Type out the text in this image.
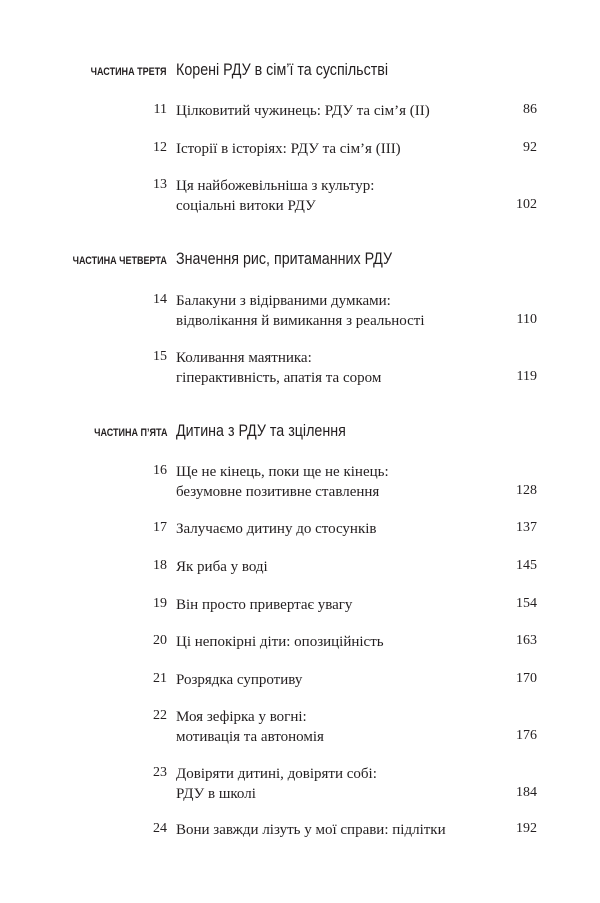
ЧАСТИНА ТРЕТЯ Корені РДУ в сім’ї та суспільстві
11 Цілковитий чужинець: РДУ та сім’я (II)	86
12 Історії в історіях: РДУ та сім’я (III)	92
13 Ця найбожевільніша з культур:
соціальні витоки РДУ	102
ЧАСТИНА ЧЕТВЕРТА Значення рис, притаманних РДУ
14 Балакуни з відірваними думками:
відволікання й вимикання з реальності	110
15 Коливання маятника:
гіперактивність, апатія та сором	119
ЧАСТИНА П’ЯТА Дитина з РДУ та зцілення
16 Ще не кінець, поки ще не кінець:
безумовне позитивне ставлення	128
17 Залучаємо дитину до стосунків	137
18 Як риба у воді	145
19 Він просто привертає увагу	154
20 Ці непокірні діти: опозиційність	163
21 Розрядка супротиву	170
22 Моя зефірка у вогні:
мотивація та автономія	176
23 Довіряти дитині, довіряти собі:
РДУ в школі	184
24 Вони завжди лізуть у мої справи: підлітки	192
